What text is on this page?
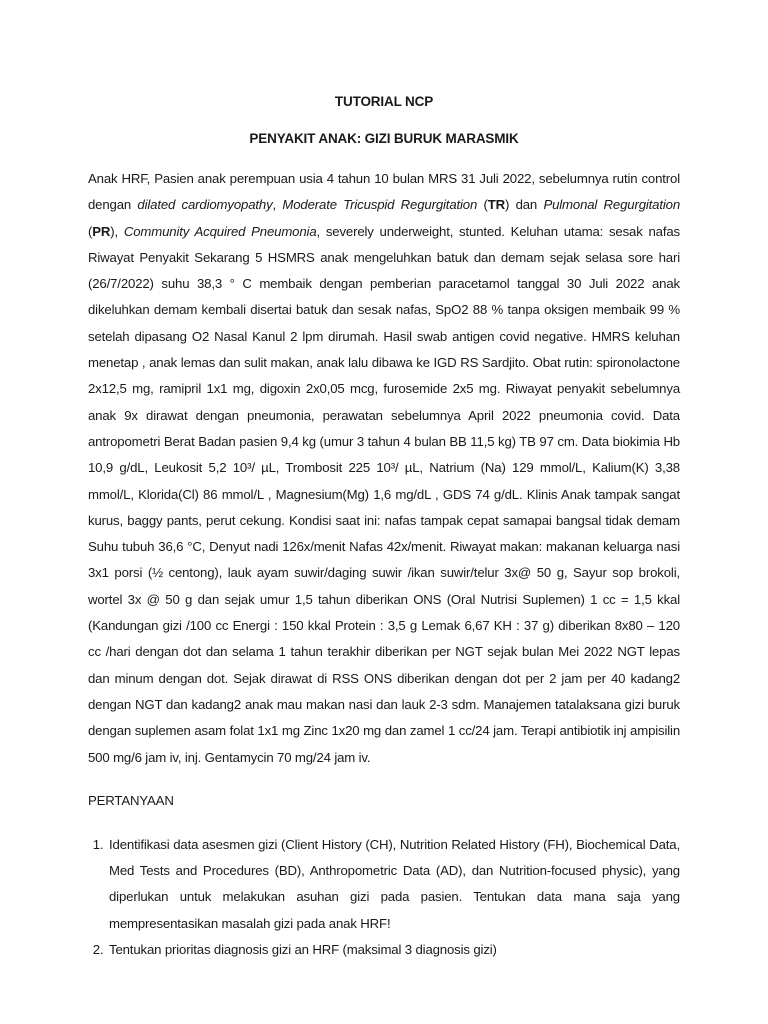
TUTORIAL NCP

PENYAKIT ANAK: GIZI BURUK MARASMIK

Anak HRF, Pasien anak perempuan usia 4 tahun 10 bulan MRS 31 Juli 2022, sebelumnya rutin control dengan dilated cardiomyopathy, Moderate Tricuspid Regurgitation (TR) dan Pulmonal Regurgitation (PR), Community Acquired Pneumonia, severely underweight, stunted. Keluhan utama: sesak nafas Riwayat Penyakit Sekarang 5 HSMRS anak mengeluhkan batuk dan demam sejak selasa sore hari (26/7/2022) suhu 38,3 ° C membaik dengan pemberian paracetamol tanggal 30 Juli 2022 anak dikeluhkan demam kembali disertai batuk dan sesak nafas, SpO2 88 % tanpa oksigen membaik 99 % setelah dipasang O2 Nasal Kanul 2 lpm dirumah. Hasil swab antigen covid negative. HMRS keluhan menetap , anak lemas dan sulit makan, anak lalu dibawa ke IGD RS Sardjito. Obat rutin: spironolactone 2x12,5 mg, ramipril 1x1 mg, digoxin 2x0,05 mcg, furosemide 2x5 mg. Riwayat penyakit sebelumnya anak 9x dirawat dengan pneumonia, perawatan sebelumnya April 2022 pneumonia covid. Data antropometri Berat Badan pasien 9,4 kg (umur 3 tahun 4 bulan BB 11,5 kg) TB 97 cm. Data biokimia Hb 10,9 g/dL, Leukosit 5,2 10³/ µL, Trombosit 225 10³/ µL, Natrium (Na) 129 mmol/L, Kalium(K) 3,38 mmol/L, Klorida(Cl) 86 mmol/L , Magnesium(Mg) 1,6 mg/dL , GDS 74 g/dL. Klinis Anak tampak sangat kurus, baggy pants, perut cekung. Kondisi saat ini: nafas tampak cepat samapai bangsal tidak demam Suhu tubuh 36,6 °C, Denyut nadi 126x/menit Nafas 42x/menit. Riwayat makan: makanan keluarga nasi 3x1 porsi (½ centong), lauk ayam suwir/daging suwir /ikan suwir/telur 3x@ 50 g, Sayur sop brokoli, wortel 3x @ 50 g dan sejak umur 1,5 tahun diberikan ONS (Oral Nutrisi Suplemen) 1 cc = 1,5 kkal (Kandungan gizi /100 cc Energi : 150 kkal Protein : 3,5 g Lemak 6,67 KH : 37 g) diberikan 8x80 – 120 cc /hari dengan dot dan selama 1 tahun terakhir diberikan per NGT sejak bulan Mei 2022 NGT lepas dan minum dengan dot. Sejak dirawat di RSS ONS diberikan dengan dot per 2 jam per 40 kadang2 dengan NGT dan kadang2 anak mau makan nasi dan lauk 2-3 sdm. Manajemen tatalaksana gizi buruk dengan suplemen asam folat 1x1 mg Zinc 1x20 mg dan zamel 1 cc/24 jam. Terapi antibiotik inj ampisilin 500 mg/6 jam iv, inj. Gentamycin 70 mg/24 jam iv.

PERTANYAAN

1. Identifikasi data asesmen gizi (Client History (CH), Nutrition Related History (FH), Biochemical Data, Med Tests and Procedures (BD), Anthropometric Data (AD), dan Nutrition-focused physic), yang diperlukan untuk melakukan asuhan gizi pada pasien. Tentukan data mana saja yang mempresentasikan masalah gizi pada anak HRF!
2. Tentukan prioritas diagnosis gizi an HRF (maksimal 3 diagnosis gizi)
